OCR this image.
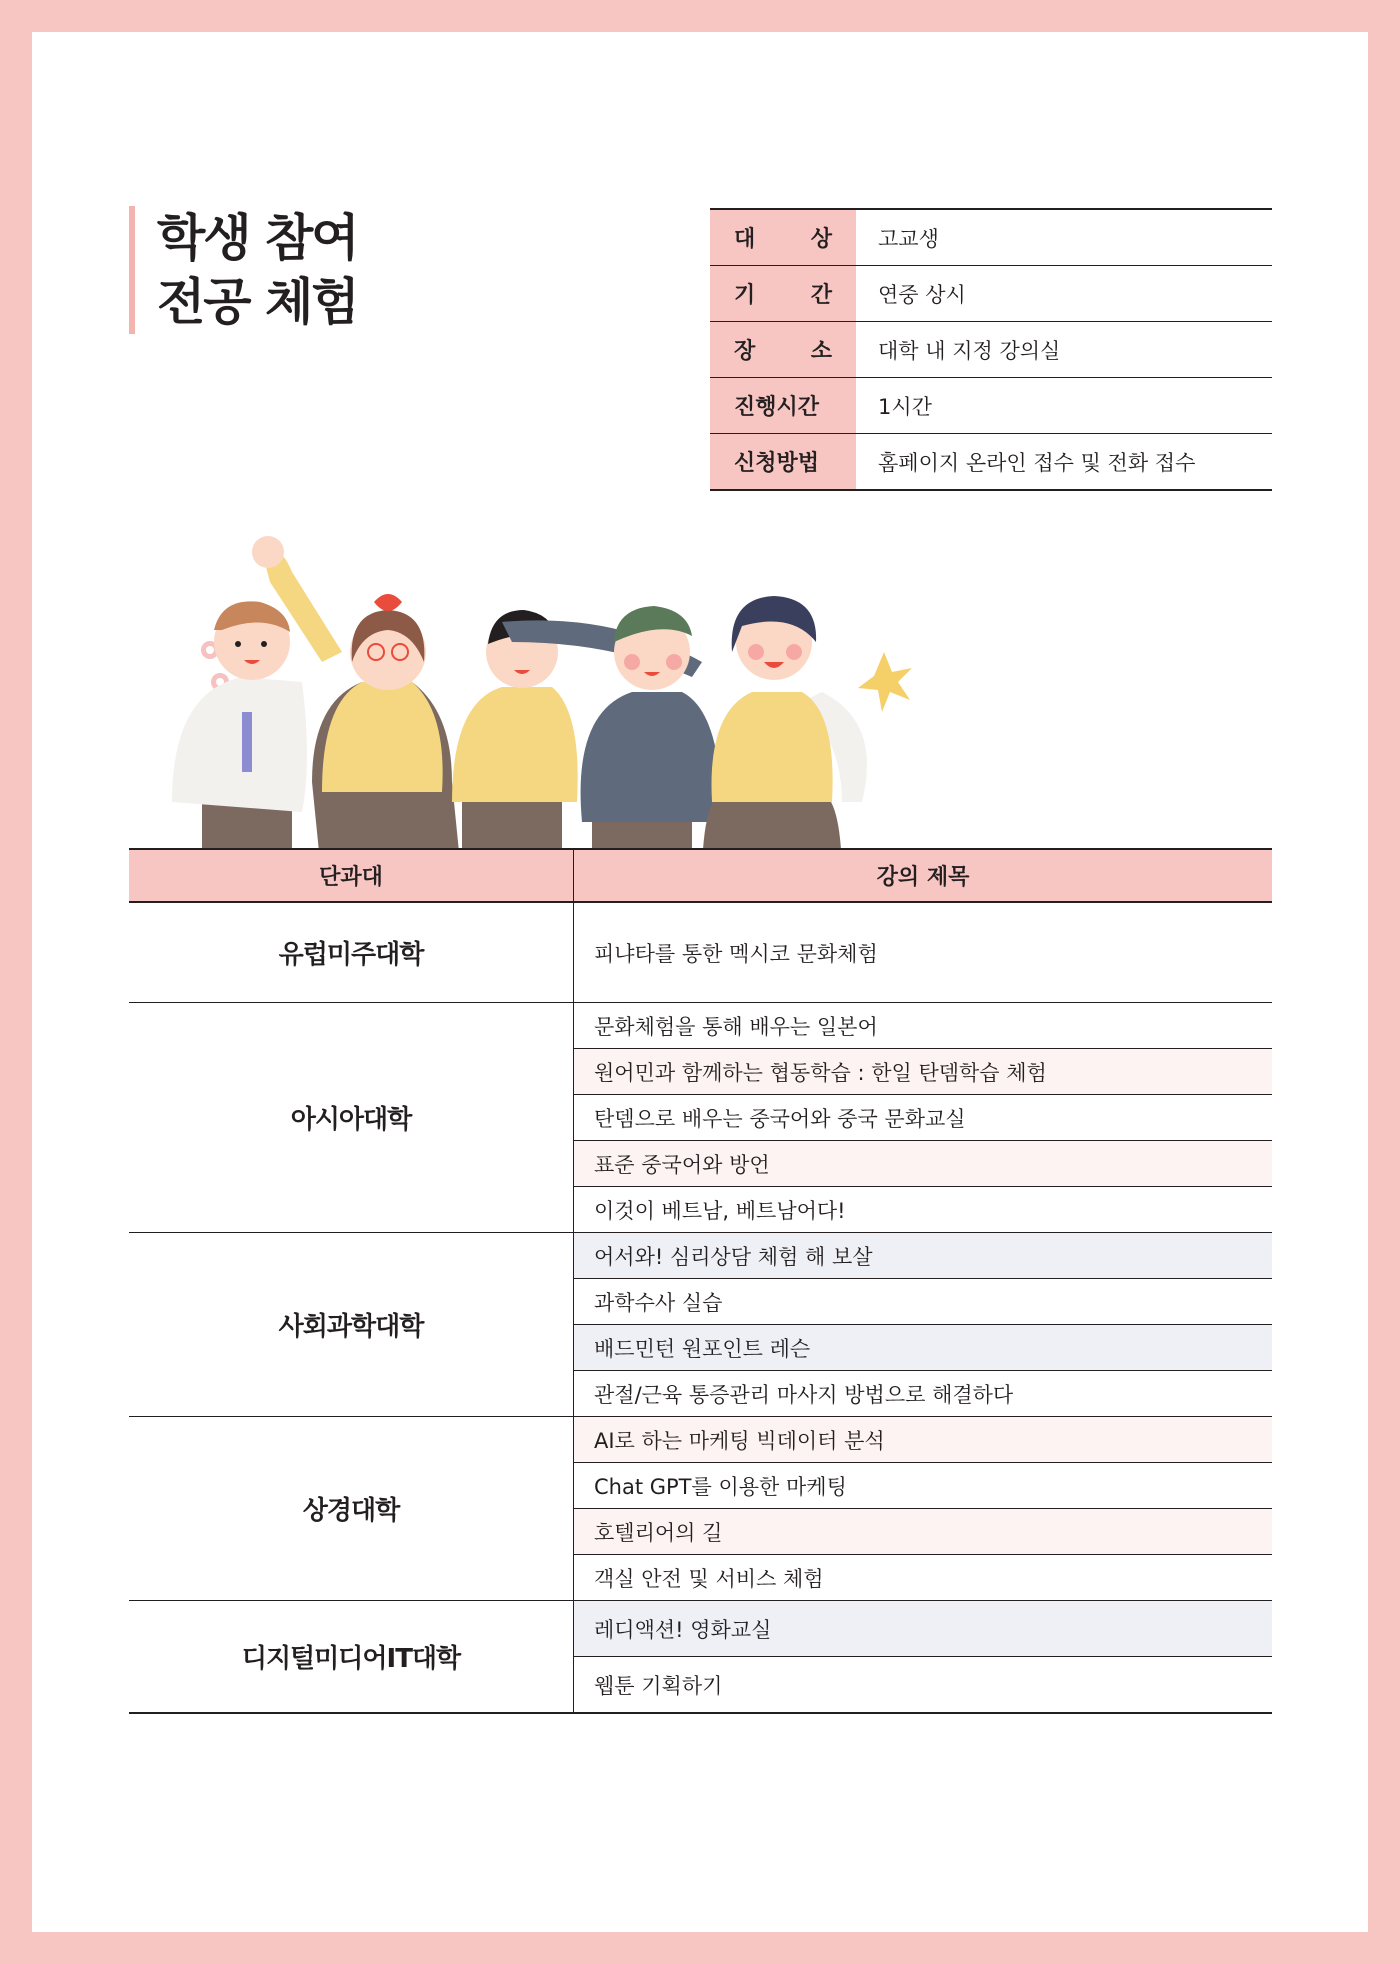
학생 참여
전공 체험
대 상	고교생
기 간	연중 상시
장 소	대학 내 지정 강의실
진행시간	1시간
신청방법	홈페이지 온라인 접수 및 전화 접수
단과대	강의 제목
유럽미주대학	피냐타를 통한 멕시코 문화체험
아시아대학	문화체험을 통해 배우는 일본어
	원어민과 함께하는 협동학습 : 한일 탄뎀학습 체험
	탄뎀으로 배우는 중국어와 중국 문화교실
	표준 중국어와 방언
	이것이 베트남, 베트남어다!
사회과학대학	어서와! 심리상담 체험 해 보살
	과학수사 실습
	배드민턴 원포인트 레슨
	관절/근육 통증관리 마사지 방법으로 해결하다
상경대학	AI로 하는 마케팅 빅데이터 분석
	Chat GPT를 이용한 마케팅
	호텔리어의 길
	객실 안전 및 서비스 체험
디지털미디어IT대학	레디액션! 영화교실
	웹툰 기획하기
